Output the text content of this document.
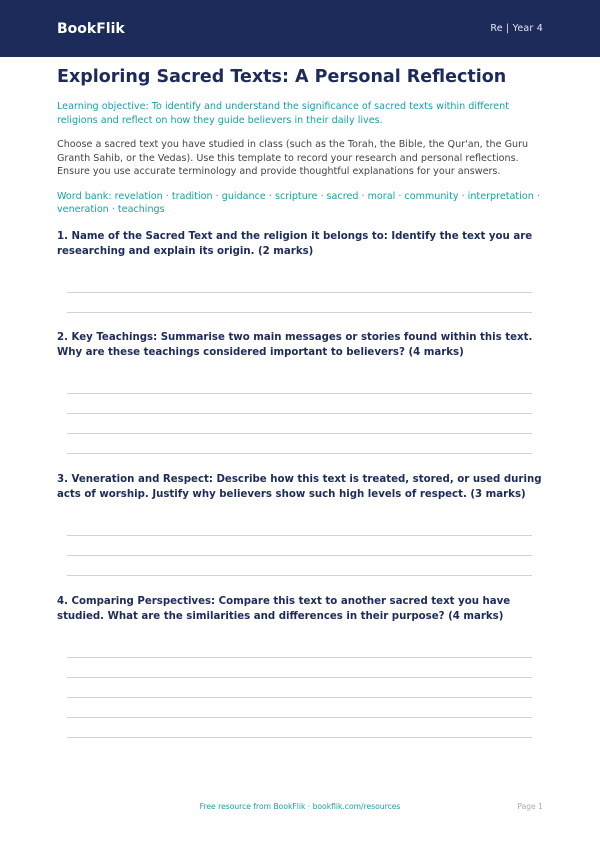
BookFlik	Re | Year 4
Exploring Sacred Texts: A Personal Reflection
Learning objective: To identify and understand the significance of sacred texts within different religions and reflect on how they guide believers in their daily lives.
Choose a sacred text you have studied in class (such as the Torah, the Bible, the Qur'an, the Guru Granth Sahib, or the Vedas). Use this template to record your research and personal reflections. Ensure you use accurate terminology and provide thoughtful explanations for your answers.
Word bank: revelation · tradition · guidance · scripture · sacred · moral · community · interpretation · veneration · teachings
1. Name of the Sacred Text and the religion it belongs to: Identify the text you are researching and explain its origin. (2 marks)
2. Key Teachings: Summarise two main messages or stories found within this text. Why are these teachings considered important to believers? (4 marks)
3. Veneration and Respect: Describe how this text is treated, stored, or used during acts of worship. Justify why believers show such high levels of respect. (3 marks)
4. Comparing Perspectives: Compare this text to another sacred text you have studied. What are the similarities and differences in their purpose? (4 marks)
Free resource from BookFlik · bookflik.com/resources	Page 1
